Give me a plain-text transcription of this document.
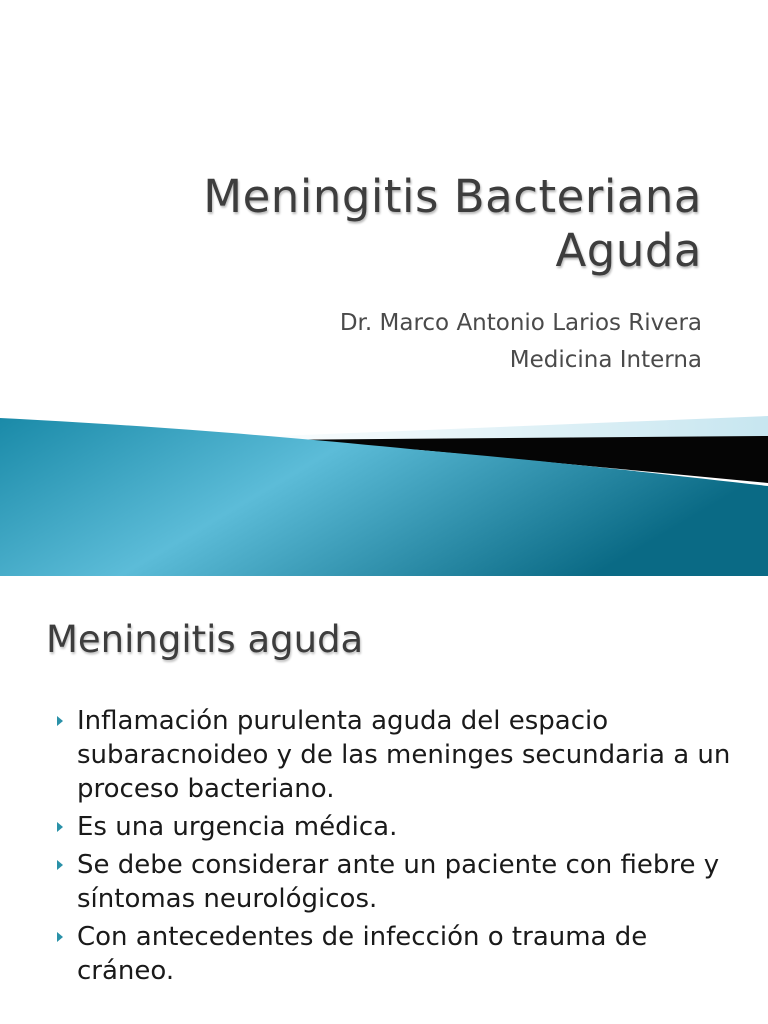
Meningitis Bacteriana
Aguda
Dr. Marco Antonio Larios Rivera
Medicina Interna
Meningitis aguda
Inflamación purulenta aguda del espacio subaracnoideo y de las meninges secundaria a un proceso bacteriano.
Es una urgencia médica.
Se debe considerar ante un paciente con fiebre y síntomas neurológicos.
Con antecedentes de infección o trauma de cráneo.
